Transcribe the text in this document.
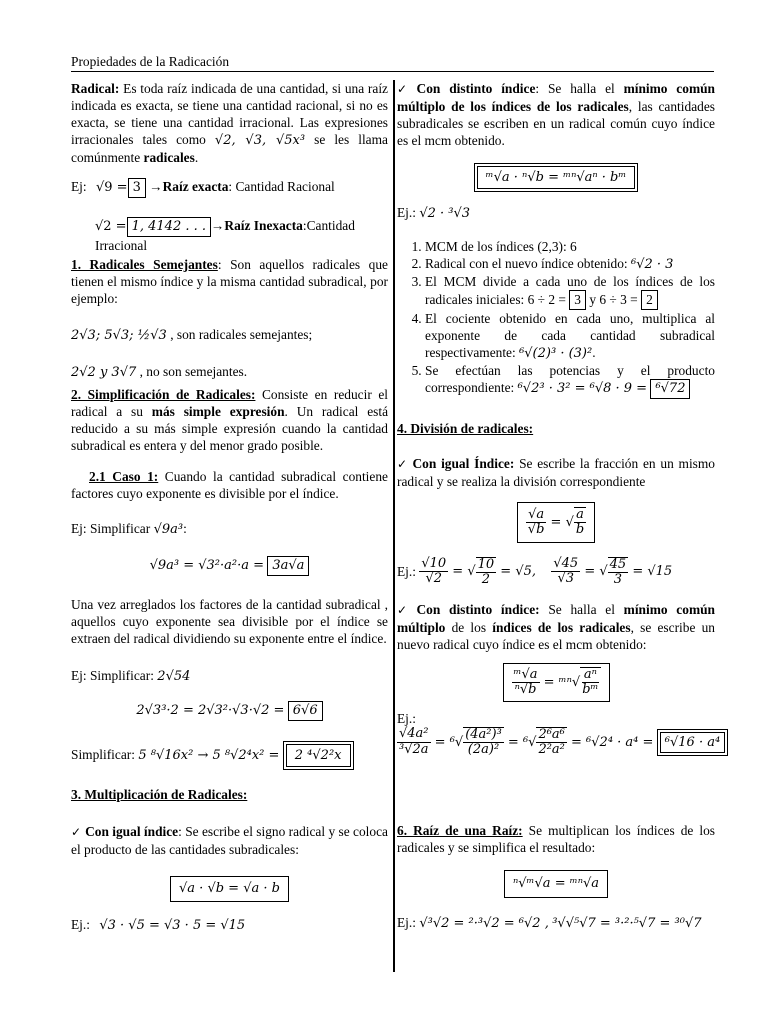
Propiedades de la Radicación

Radical: Es toda raíz indicada de una cantidad, si una raíz indicada es exacta, se tiene una cantidad racional, si no es exacta, se tiene una cantidad irracional. Las expresiones irracionales tales como √2, √3, √5x³ se les llama comúnmente radicales.

Ej: √9 = 3 →Raíz exacta: Cantidad Racional
√2 = 1, 4142 . . . →Raíz Inexacta:Cantidad Irracional

1. Radicales Semejantes: Son aquellos radicales que tienen el mismo índice y la misma cantidad subradical, por ejemplo:

2√3; 5√3; ½√3 , son radicales semejantes;

2√2 y 3√7 , no son semejantes.

2. Simplificación de Radicales: Consiste en reducir el radical a su más simple expresión. Un radical está reducido a su más simple expresión cuando la cantidad subradical es entera y del menor grado posible.

2.1 Caso 1: Cuando la cantidad subradical contiene factores cuyo exponente es divisible por el índice.

Ej: Simplificar √9a³:

√9a³ = √3²·a²·a = 3a√a

Una vez arreglados los factores de la cantidad subradical , aquellos cuyo exponente sea divisible por el índice se extraen del radical dividiendo su exponente entre el índice.

Ej: Simplificar: 2√54

2√3³·2 = 2√3²·√3·√2 = 6√6

Simplificar: 5 ⁸√16x² → 5 ⁸√2⁴x² = 2 ⁴√2²x

3. Multiplicación de Radicales:

✓ Con igual índice: Se escribe el signo radical y se coloca el producto de las cantidades subradicales:

√a · √b = √a · b

Ej.: √3 · √5 = √3 · 5 = √15

✓ Con distinto índice: Se halla el mínimo común múltiplo de los índices de los radicales, las cantidades subradicales se escriben en un radical común cuyo índice es el mcm obtenido.

ᵐ√a · ⁿ√b = ᵐⁿ√aⁿ · bᵐ

Ej.: √2 · ³√3

1. MCM de los índices (2,3): 6
2. Radical con el nuevo índice obtenido: ⁶√2 · 3
3. El MCM divide a cada uno de los índices de los radicales iniciales: 6 ÷ 2 = 3 y 6 ÷ 3 = 2
4. El cociente obtenido en cada uno, multiplica al exponente de cada cantidad subradical respectivamente: ⁶√(2)³ · (3)².
5. Se efectúan las potencias y el producto correspondiente: ⁶√2³ · 3² = ⁶√8 · 9 = ⁶√72

4. División de radicales:

✓ Con igual Índice: Se escribe la fracción en un mismo radical y se realiza la división correspondiente

$\frac{√a}{√b}$ = √ $\frac{a}{b}$
Ej.: $\frac{√10}{√2}$ = √ $\frac{10}{2} = √5$, $\frac{√45}{√3}$ = √ $\frac{45}{3} = √15$

✓ Con distinto índice: Se halla el mínimo común múltiplo de los índices de los radicales, se escribe un nuevo radical cuyo índice es el mcm obtenido:

$\frac{\text{ᵐ√a}}{\text{ⁿ√b}}$ = ᵐⁿ√ $\frac{\text{aⁿ}}{\text{bᵐ}}$

Ej.:

$\frac{\text{√4a²}}{\text{³√2a}} = ^6√ \frac{\text{(4a²)³}}{\text{(2a)²}} = ^6√ \frac{\text{2⁶a⁶}}{\text{2²a²}} = ^6√2^4 \cdot a^4 = ^6√16 \cdot a^4$

6. Raíz de una Raíz: Se multiplican los índices de los radicales y se simplifica el resultado:

ⁿ√ᵐ√a = ᵐⁿ√a

Ej.: √³√2 = ²·³√2 = ⁶√2 , ³√√⁵√7 = ³·²·⁵√7 = ³⁰√7
